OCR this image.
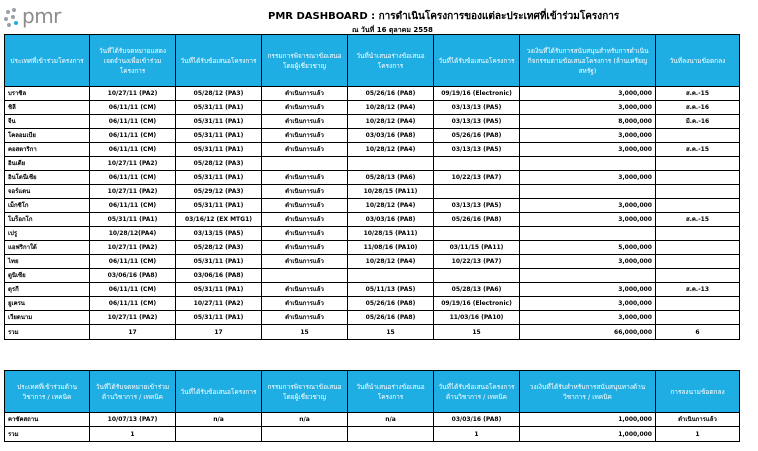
pmr	PMR DASHBOARD : การดำเนินโครงการของแต่ละประเทศที่เข้าร่วมโครงการ
ณ วันที่ 16 ตุลาคม 2558
ประเทศที่เข้าร่วมโครงการ	วันที่ได้รับจดหมายแสดงเจตจำนงเพื่อเข้าร่วมโครงการ	วันที่ได้รับข้อเสนอโครงการ	กรรมการพิจารณาข้อเสนอโดยผู้เชี่ยวชาญ	วันที่นำเสนอร่างข้อเสนอโครงการ	วันที่ได้รับข้อเสนอโครงการ	วงเงินที่ได้รับการสนับสนุนสำหรับการดำเนินกิจกรรมตามข้อเสนอโครงการ (ล้านเหรียญสหรัฐ)	วันที่ลงนามข้อตกลง
บราซิล	10/27/11 (PA2)	05/28/12 (PA3)	ดำเนินการแล้ว	05/26/16 (PA8)	09/19/16 (Electronic)	3,000,000	ส.ค.-15
ชิลี	06/11/11 (CM)	05/31/11 (PA1)	ดำเนินการแล้ว	10/28/12 (PA4)	03/13/13 (PA5)	3,000,000	ส.ค.-16
จีน	06/11/11 (CM)	05/31/11 (PA1)	ดำเนินการแล้ว	10/28/12 (PA4)	03/13/13 (PA5)	8,000,000	มี.ค.-16
โคลอมเบีย	06/11/11 (CM)	05/31/11 (PA1)	ดำเนินการแล้ว	03/03/16 (PA8)	05/26/16 (PA8)	3,000,000	
คอสตาริกา	06/11/11 (CM)	05/31/11 (PA1)	ดำเนินการแล้ว	10/28/12 (PA4)	03/13/13 (PA5)	3,000,000	ส.ค.-15
อินเดีย	10/27/11 (PA2)	05/28/12 (PA3)					
อินโดนีเซีย	06/11/11 (CM)	05/31/11 (PA1)	ดำเนินการแล้ว	05/28/13 (PA6)	10/22/13 (PA7)	3,000,000	
จอร์แดน	10/27/11 (PA2)	05/29/12 (PA3)	ดำเนินการแล้ว	10/28/15 (PA11)			
เม็กซิโก	06/11/11 (CM)	05/31/11 (PA1)	ดำเนินการแล้ว	10/28/12 (PA4)	03/13/13 (PA5)	3,000,000	
โมร็อกโก	05/31/11 (PA1)	03/16/12 (EX MTG1)	ดำเนินการแล้ว	03/03/16 (PA8)	05/26/16 (PA8)	3,000,000	ส.ค.-15
เปรู	10/28/12(PA4)	03/13/15 (PA5)	ดำเนินการแล้ว	10/28/15 (PA11)			
แอฟริกาใต้	10/27/11 (PA2)	05/28/12 (PA3)	ดำเนินการแล้ว	11/08/16 (PA10)	03/11/15 (PA11)	5,000,000	
ไทย	06/11/11 (CM)	05/31/11 (PA1)	ดำเนินการแล้ว	10/28/12 (PA4)	10/22/13 (PA7)	3,000,000	
ตูนิเซีย	03/06/16 (PA8)	03/06/16 (PA8)					
ตุรกี	06/11/11 (CM)	05/31/11 (PA1)	ดำเนินการแล้ว	05/11/13 (PA5)	05/28/13 (PA6)	3,000,000	ส.ค.-13
ยูเครน	06/11/11 (CM)	10/27/11 (PA2)	ดำเนินการแล้ว	05/26/16 (PA8)	09/19/16 (Electronic)	3,000,000	
เวียดนาม	10/27/11 (PA2)	05/31/11 (PA1)	ดำเนินการแล้ว	05/26/16 (PA8)	11/03/16 (PA10)	3,000,000	
รวม	17	17	15	15	15	66,000,000	6
ประเทศที่เข้าร่วมด้านวิชาการ / เทคนิค	วันที่ได้รับจดหมายเข้าร่วมด้านวิชาการ / เทคนิค	วันที่ได้รับข้อเสนอโครงการ	กรรมการพิจารณาข้อเสนอโดยผู้เชี่ยวชาญ	วันที่นำเสนอร่างข้อเสนอโครงการ	วันที่ได้รับข้อเสนอโครงการด้านวิชาการ / เทคนิค	วงเงินที่ได้รับสำหรับการสนับสนุนทางด้านวิชาการ / เทคนิค	การลงนามข้อตกลง
คาซัคสถาน	10/07/13 (PA7)	n/a	n/a	n/a	03/03/16 (PA8)	1,000,000	ดำเนินการแล้ว
รวม	1				1	1,000,000	1
